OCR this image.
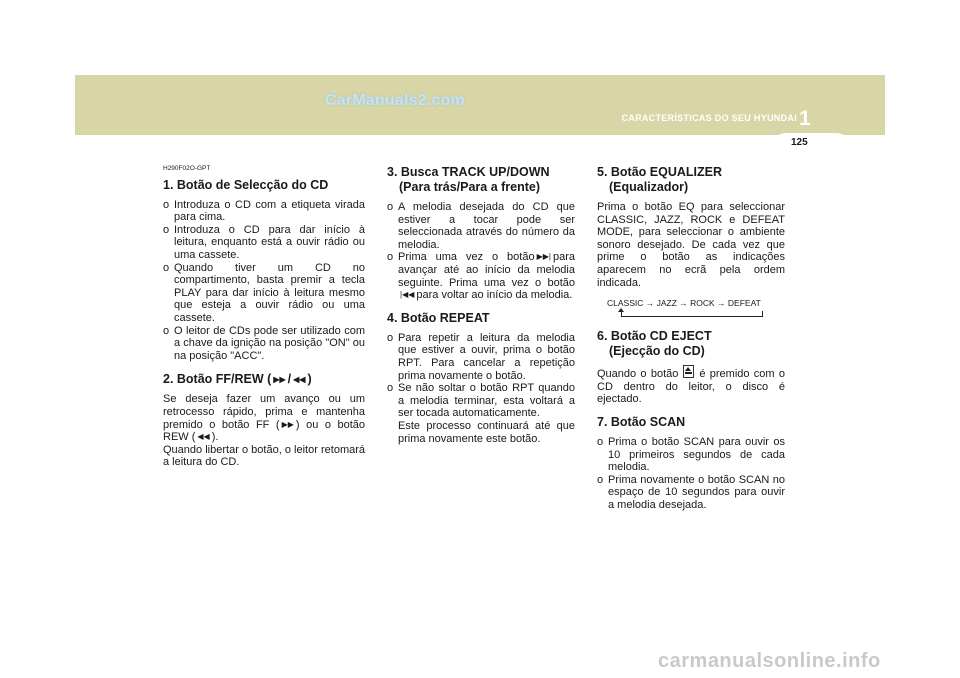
CarManuals2.com
CARACTERÍSTICAS DO SEU HYUNDAI 1
125
H290F02O-GPT
1. Botão de Selecção do CD
o Introduza o CD com a etiqueta virada para cima.
o Introduza o CD para dar início à leitura, enquanto está a ouvir rádio ou uma cassete.
o Quando tiver um CD no compartimento, basta premir a tecla PLAY para dar início à leitura mesmo que esteja a ouvir rádio ou uma cassete.
o O leitor de CDs pode ser utilizado com a chave da ignição na posição "ON" ou na posição "ACC".
2. Botão FF/REW ( ▶▶ / ◀◀ )

Se deseja fazer um avanço ou um retrocesso rápido, prima e mantenha premido o botão FF ( ▶▶ ) ou o botão REW ( ◀◀ ).
Quando libertar o botão, o leitor retomará a leitura do CD.

3. Busca TRACK UP/DOWN
(Para trás/Para a frente)
o A melodia desejada do CD que estiver a tocar pode ser seleccionada através do número da melodia.
o Prima uma vez o botão ▶▶| para avançar até ao início da melodia seguinte. Prima uma vez o botão|◀◀ para voltar ao início da melodia.
4. Botão REPEAT
o Para repetir a leitura da melodia que estiver a ouvir, prima o botão RPT. Para cancelar a repetição prima novamente o botão.
o Se não soltar o botão RPT quando a melodia terminar, esta voltará a ser tocada automaticamente.
Este processo continuará até que prima novamente este botão.
5. Botão EQUALIZER
(Equalizador)

Prima o botão EQ para seleccionar CLASSIC, JAZZ, ROCK e DEFEAT MODE, para seleccionar o ambiente sonoro desejado. De cada vez que prime o botão as indicações aparecem no ecrã pela ordem indicada.

CLASSIC → JAZZ → ROCK → DEFEAT
6. Botão CD EJECT
(Ejecção do CD)

Quando o botão é premido com o CD dentro do leitor, o disco é ejectado.

7. Botão SCAN
o Prima o botão SCAN para ouvir os 10 primeiros segundos de cada melodia.
o Prima novamente o botão SCAN no espaço de 10 segundos para ouvir a melodia desejada.
carmanualsonline.info
